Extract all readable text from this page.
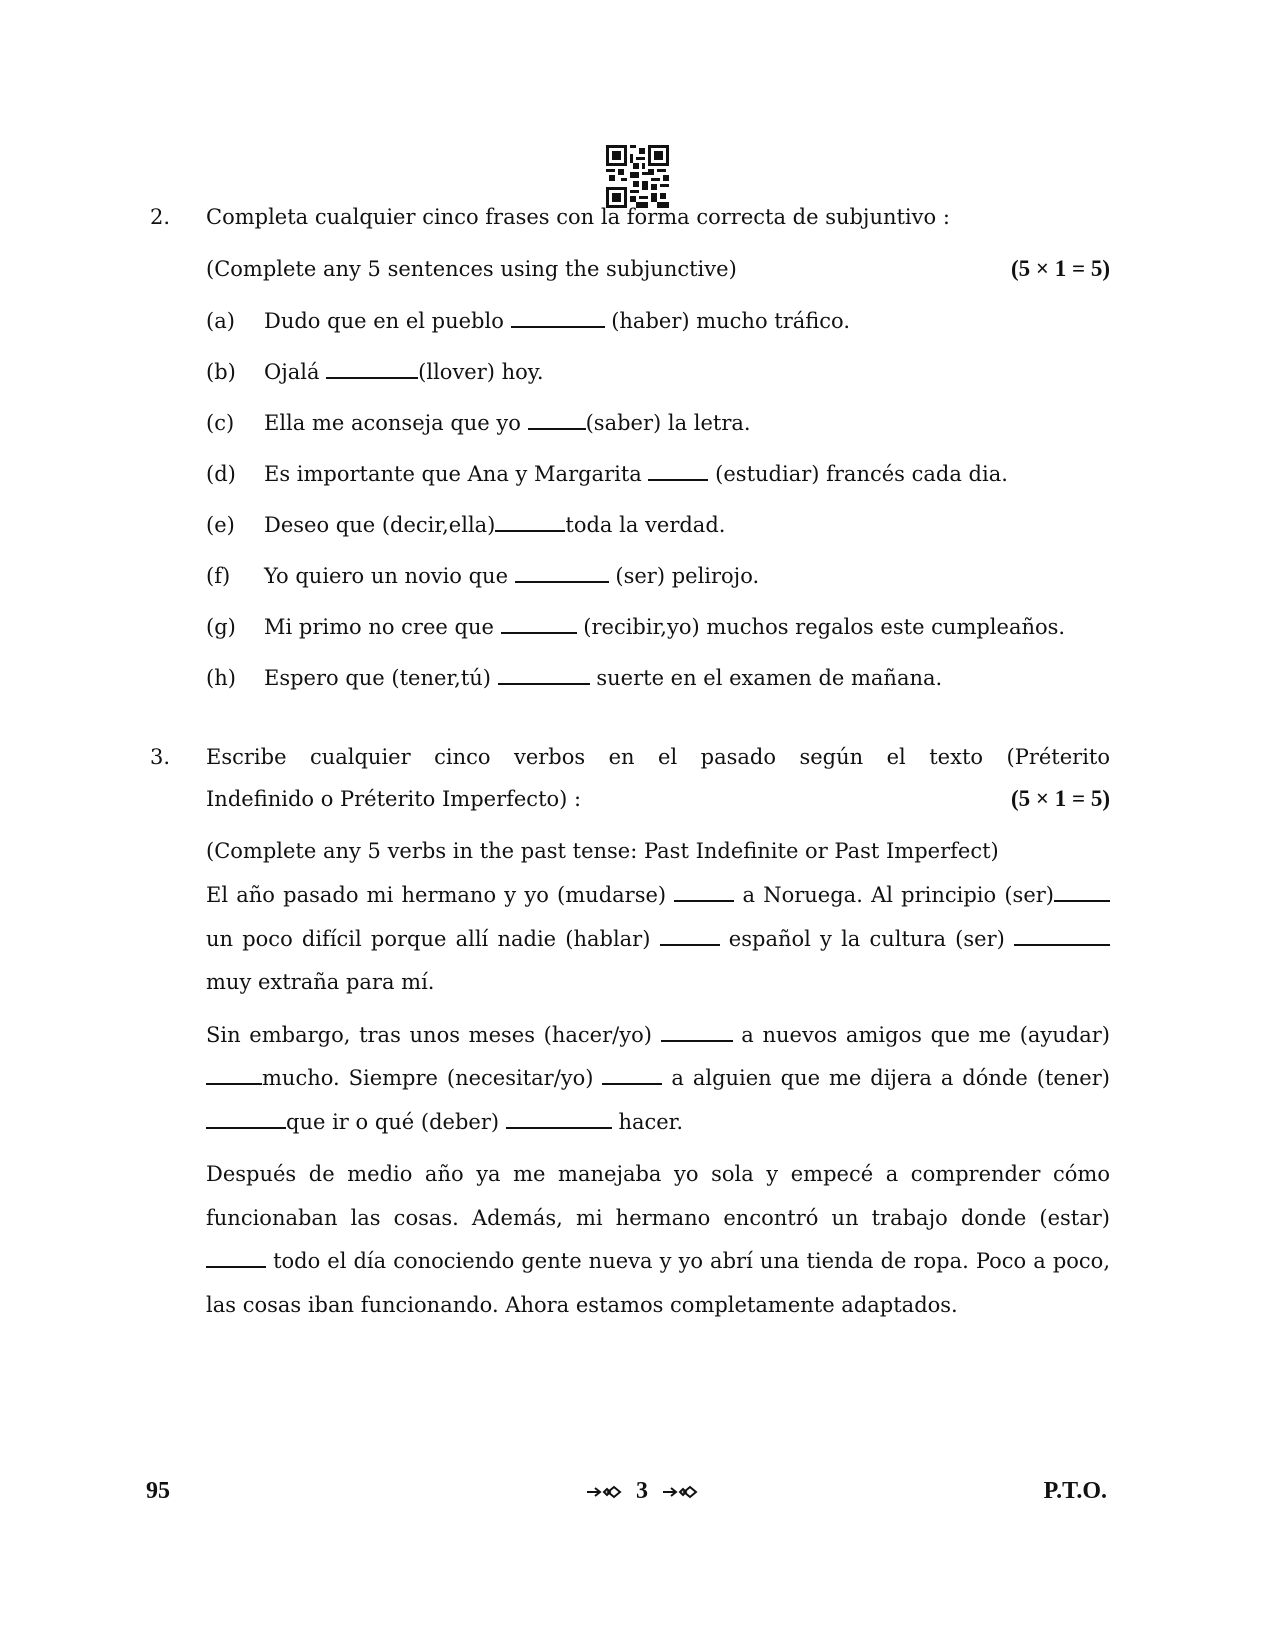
2.	Completa cualquier cinco frases con la forma correcta de subjuntivo :
(Complete any 5 sentences using the subjunctive)	(5 × 1 = 5)
(a)	Dudo que en el pueblo	(haber) mucho tráfico.
(b)	Ojalá	(llover) hoy.
(c)	Ella me aconseja que yo	(saber) la letra.
(d)	Es importante que Ana y Margarita	(estudiar) francés cada dia.
(e)	Deseo que (decir,ella)	toda la verdad.
(f)	Yo quiero un novio que	(ser) pelirojo.
(g)	Mi primo no cree que	(recibir,yo) muchos regalos este cumpleaños.
(h)	Espero que (tener,tú)	suerte en el examen de mañana.
3.	Escribe cualquier cinco verbos en el pasado según el texto (Préterito
Indefinido o Préterito Imperfecto) :	(5 × 1 = 5)
(Complete any 5 verbs in the past tense: Past Indefinite or Past Imperfect)

El año pasado mi hermano y yo (mudarse)	a Noruega. Al principio (ser) un poco difícil porque allí nadie (hablar)	español y la cultura (ser)  muy extraña para mí.

Sin embargo, tras unos meses (hacer/yo)	a nuevos amigos que me (ayudar) mucho. Siempre (necesitar/yo)	a alguien que me dijera a dónde (tener) que ir o qué (deber)	hacer.

Después de medio año ya me manejaba yo sola y empecé a comprender cómo funcionaban las cosas. Además, mi hermano encontró un trabajo donde (estar)  todo el día conociendo gente nueva y yo abrí una tienda de ropa. Poco a poco, las cosas iban funcionando. Ahora estamos completamente adaptados.

95	3	P.T.O.
